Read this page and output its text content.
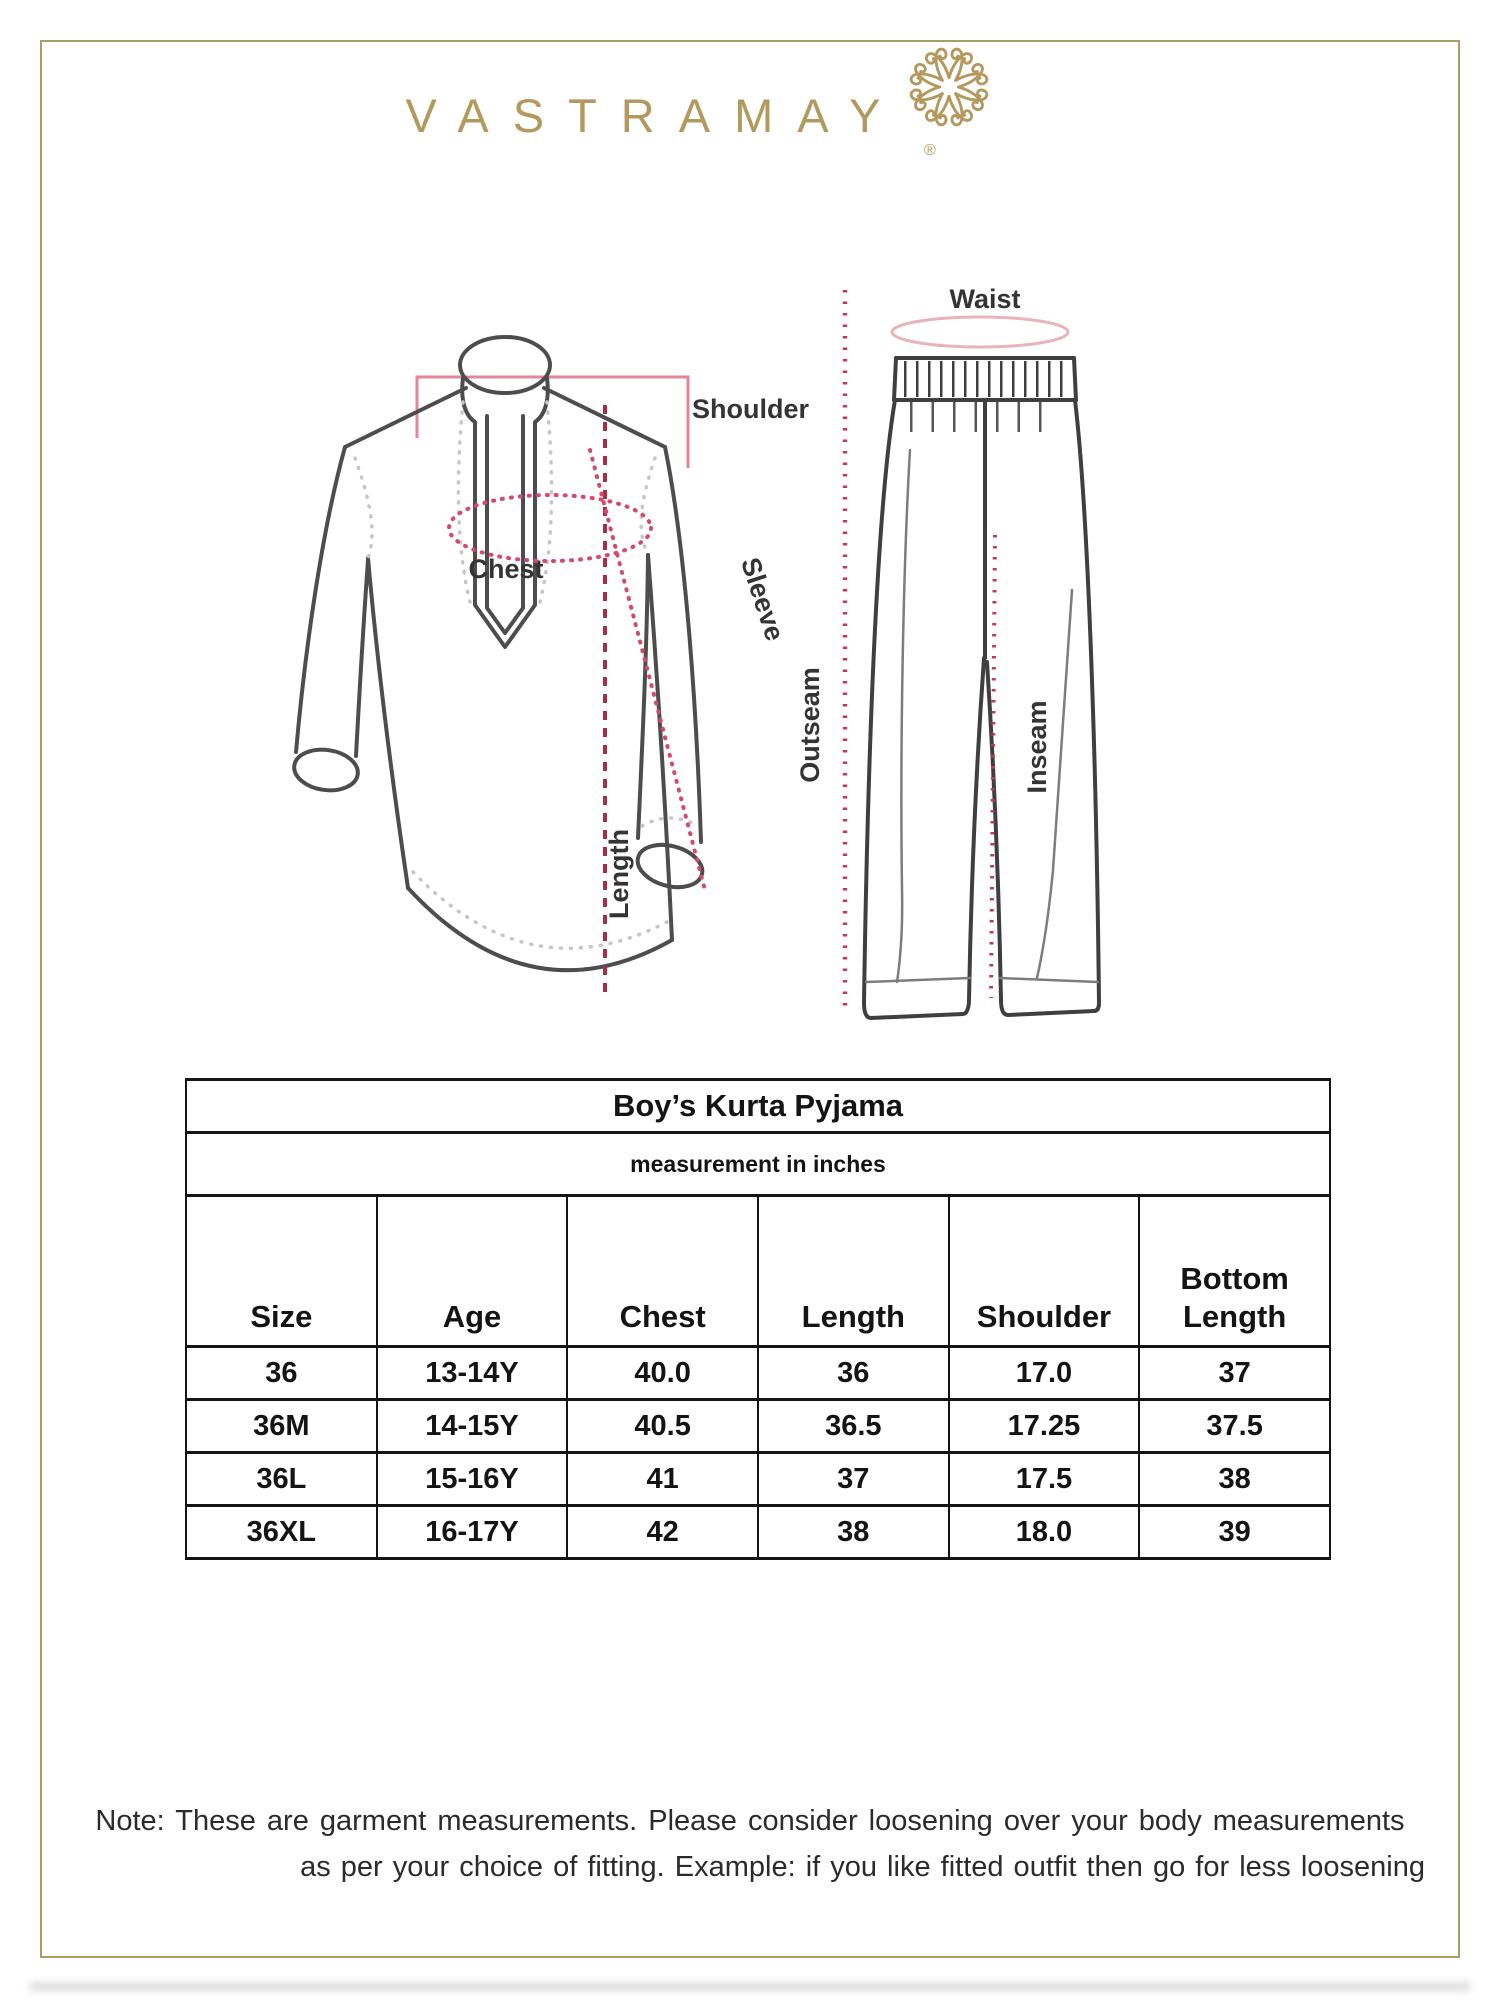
VASTRAMAY
®
Shoulder
Chest	Sleeve
Length
Waist
Outseam	Inseam
Boy’s Kurta Pyjama					
measurement in inches					
Size	Age	Chest	Length	Shoulder	Bottom Length
36	13-14Y	40.0	36	17.0	37
36M	14-15Y	40.5	36.5	17.25	37.5
36L	15-16Y	41	37	17.5	38
36XL	16-17Y	42	38	18.0	39
Note: These are garment measurements. Please consider loosening over your body measurements
as per your choice of fitting. Example: if you like fitted outfit then go for less loosening
